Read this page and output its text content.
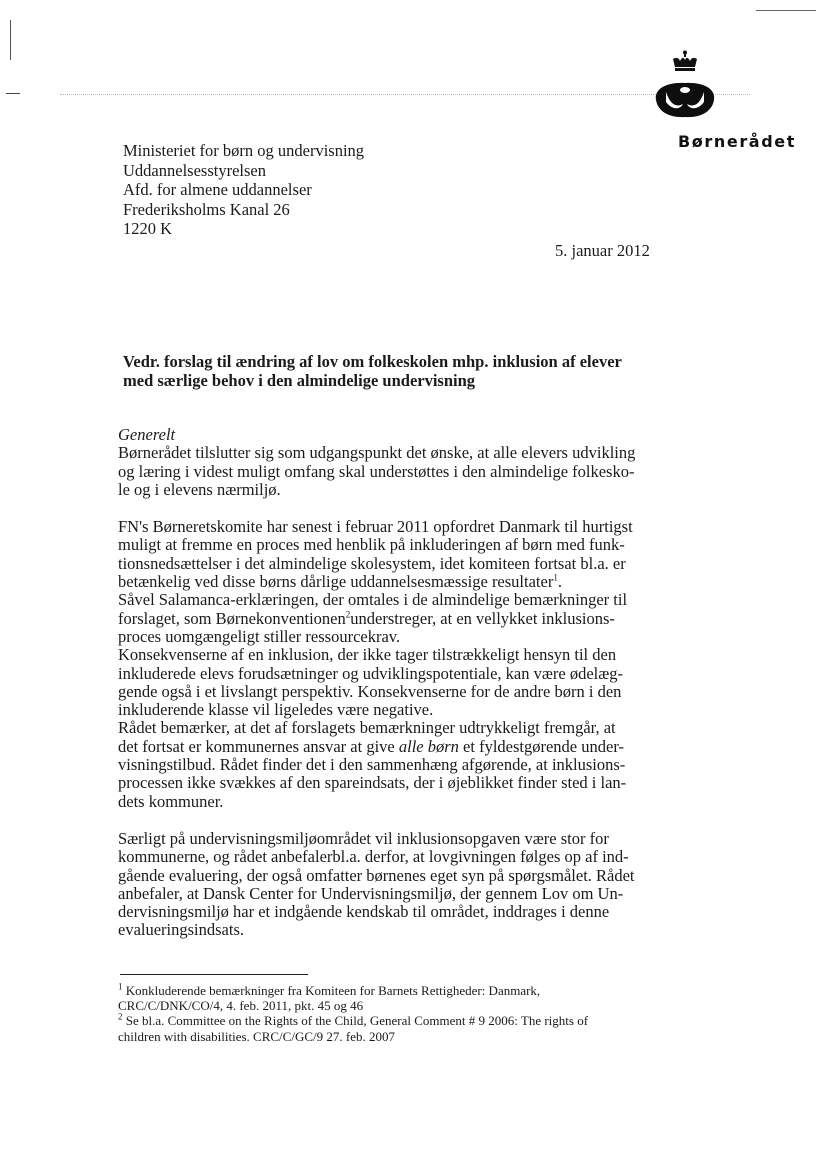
Børnerådet
Ministeriet for børn og undervisning
Uddannelsesstyrelsen
Afd. for almene uddannelser
Frederiksholms Kanal 26
1220 K
5. januar 2012
Vedr. forslag til ændring af lov om folkeskolen mhp. inklusion af elever
med særlige behov i den almindelige undervisning
Generelt
Børnerådet tilslutter sig som udgangspunkt det ønske, at alle elevers udvikling
og læring i videst muligt omfang skal understøttes i den almindelige folkesko-
le og i elevens nærmiljø.
FN's Børneretskomite har senest i februar 2011 opfordret Danmark til hurtigst
muligt at fremme en proces med henblik på inkluderingen af børn med funk-
tionsnedsættelser i det almindelige skolesystem, idet komiteen fortsat bl.a. er
betænkelig ved disse børns dårlige uddannelsesmæssige resultater$^1$.
Såvel Salamanca-erklæringen, der omtales i de almindelige bemærkninger til
forslaget, som Børnekonventionen$^2$understreger, at en vellykket inklusions-
proces uomgængeligt stiller ressourcekrav.
Konsekvenserne af en inklusion, der ikke tager tilstrækkeligt hensyn til den
inkluderede elevs forudsætninger og udviklingspotentiale, kan være ødelæg-
gende også i et livslangt perspektiv. Konsekvenserne for de andre børn i den
inkluderende klasse vil ligeledes være negative.
Rådet bemærker, at det af forslagets bemærkninger udtrykkeligt fremgår, at
det fortsat er kommunernes ansvar at give alle børn et fyldestgørende under-
visningstilbud. Rådet finder det i den sammenhæng afgørende, at inklusions-
processen ikke svækkes af den spareindsats, der i øjeblikket finder sted i lan-
dets kommuner.
Særligt på undervisningsmiljøområdet vil inklusionsopgaven være stor for
kommunerne, og rådet anbefalerbl.a. derfor, at lovgivningen følges op af ind-
gående evaluering, der også omfatter børnenes eget syn på spørgsmålet. Rådet
anbefaler, at Dansk Center for Undervisningsmiljø, der gennem Lov om Un-
dervisningsmiljø har et indgående kendskab til området, inddrages i denne
evalueringsindsats.
$^1$ Konkluderende bemærkninger fra Komiteen for Barnets Rettigheder: Danmark,
CRC/C/DNK/CO/4, 4. feb. 2011, pkt. 45 og 46
$^2$ Se bl.a. Committee on the Rights of the Child, General Comment # 9 2006: The rights of
children with disabilities. CRC/C/GC/9 27. feb. 2007
